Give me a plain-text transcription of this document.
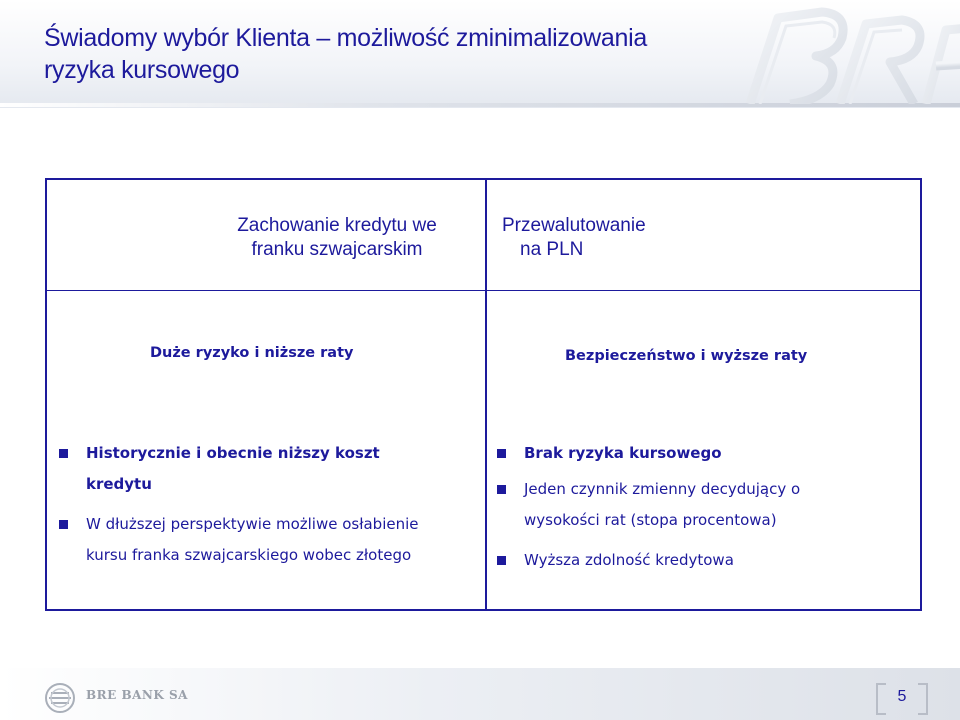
Świadomy wybór Klienta – możliwość zminimalizowania
ryzyka kursowego
Zachowanie kredytu we
franku szwajcarskim
Przewalutowanie
na PLN
Duże ryzyko i niższe raty	Bezpieczeństwo i wyższe raty
Historycznie i obecnie niższy koszt
kredytu
W dłuższej perspektywie możliwe osłabienie
kursu franka szwajcarskiego wobec złotego
Brak ryzyka kursowego
Jeden czynnik zmienny decydujący o
wysokości rat (stopa procentowa)
Wyższa zdolność kredytowa
BRE BANK SA	5
